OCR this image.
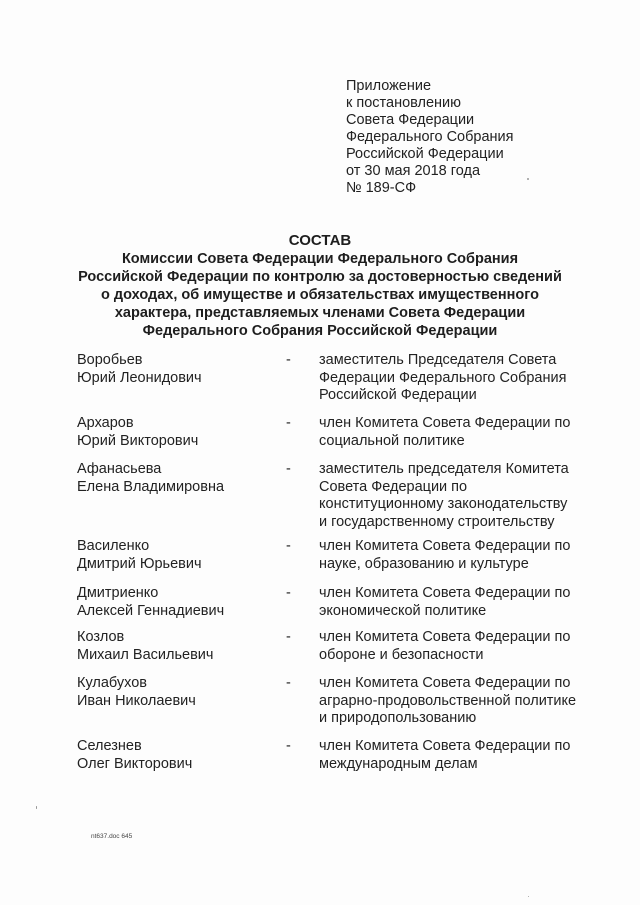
Приложение
к постановлению
Совета Федерации
Федерального Собрания
Российской Федерации
от 30 мая 2018 года
№ 189-СФ
СОСТАВ
Комиссии Совета Федерации Федерального Собрания
Российской Федерации по контролю за достоверностью сведений
о доходах, об имуществе и обязательствах имущественного
характера, представляемых членами Совета Федерации
Федерального Собрания Российской Федерации
Воробьев
Юрий Леонидович
- заместитель Председателя Совета
Федерации Федерального Собрания
Российской Федерации
Архаров
Юрий Викторович
- член Комитета Совета Федерации по
социальной политике
Афанасьева
Елена Владимировна
- заместитель председателя Комитета
Совета Федерации по
конституционному законодательству
и государственному строительству
Василенко
Дмитрий Юрьевич
- член Комитета Совета Федерации по
науке, образованию и культуре
Дмитриенко
Алексей Геннадиевич
- член Комитета Совета Федерации по
экономической политике
Козлов
Михаил Васильевич
- член Комитета Совета Федерации по
обороне и безопасности
Кулабухов
Иван Николаевич
- член Комитета Совета Федерации по
аграрно-продовольственной политике
и природопользованию
Селезнев
Олег Викторович
- член Комитета Совета Федерации по
международным делам
nt637.doc 645
